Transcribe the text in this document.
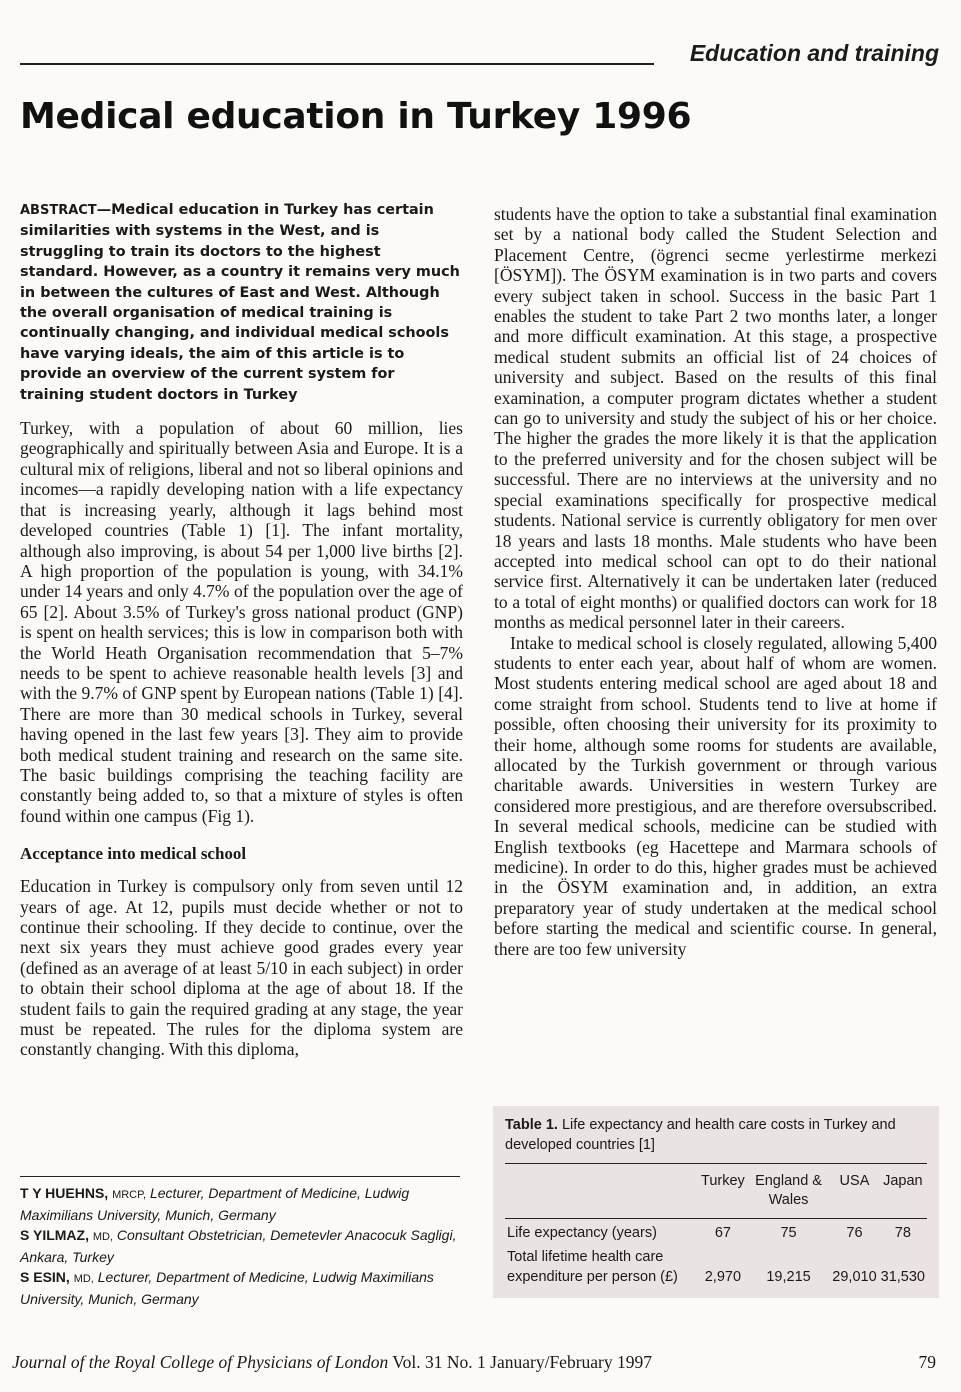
Education and training
Medical education in Turkey 1996

ABSTRACT—Medical education in Turkey has certain similarities with systems in the West, and is struggling to train its doctors to the highest standard. However, as a country it remains very much in between the cultures of East and West. Although the overall organisation of medical training is continually changing, and individual medical schools have varying ideals, the aim of this article is to provide an overview of the current system for training student doctors in Turkey

Turkey, with a population of about 60 million, lies geographically and spiritually between Asia and Europe. It is a cultural mix of religions, liberal and not so liberal opinions and incomes—a rapidly developing nation with a life expectancy that is increasing yearly, although it lags behind most developed countries (Table 1) [1]. The infant mortality, although also improving, is about 54 per 1,000 live births [2]. A high proportion of the population is young, with 34.1% under 14 years and only 4.7% of the population over the age of 65 [2]. About 3.5% of Turkey's gross national product (GNP) is spent on health services; this is low in comparison both with the World Heath Organisation recommendation that 5–7% needs to be spent to achieve reasonable health levels [3] and with the 9.7% of GNP spent by European nations (Table 1) [4]. There are more than 30 medical schools in Turkey, several having opened in the last few years [3]. They aim to provide both medical student training and research on the same site. The basic buildings comprising the teaching facility are constantly being added to, so that a mixture of styles is often found within one campus (Fig 1).

Acceptance into medical school

Education in Turkey is compulsory only from seven until 12 years of age. At 12, pupils must decide whether or not to continue their schooling. If they decide to continue, over the next six years they must achieve good grades every year (defined as an average of at least 5/10 in each subject) in order to obtain their school diploma at the age of about 18. If the student fails to gain the required grading at any stage, the year must be repeated. The rules for the diploma system are constantly changing. With this diploma,

students have the option to take a substantial final examination set by a national body called the Student Selection and Placement Centre, (ögrenci secme yerlestirme merkezi [ÖSYM]). The ÖSYM examination is in two parts and covers every subject taken in school. Success in the basic Part 1 enables the student to take Part 2 two months later, a longer and more difficult examination. At this stage, a prospective medical student submits an official list of 24 choices of university and subject. Based on the results of this final examination, a computer program dictates whether a student can go to university and study the subject of his or her choice. The higher the grades the more likely it is that the application to the preferred university and for the chosen subject will be successful. There are no interviews at the university and no special examinations specifically for prospective medical students. National service is currently obligatory for men over 18 years and lasts 18 months. Male students who have been accepted into medical school can opt to do their national service first. Alternatively it can be undertaken later (reduced to a total of eight months) or qualified doctors can work for 18 months as medical personnel later in their careers.

Intake to medical school is closely regulated, allowing 5,400 students to enter each year, about half of whom are women. Most students entering medical school are aged about 18 and come straight from school. Students tend to live at home if possible, often choosing their university for its proximity to their home, although some rooms for students are available, allocated by the Turkish government or through various charitable awards. Universities in western Turkey are considered more prestigious, and are therefore oversubscribed. In several medical schools, medicine can be studied with English textbooks (eg Hacettepe and Marmara schools of medicine). In order to do this, higher grades must be achieved in the ÖSYM examination and, in addition, an extra preparatory year of study undertaken at the medical school before starting the medical and scientific course. In general, there are too few university

T Y HUEHNS, MRCP, Lecturer, Department of Medicine, Ludwig Maximilians University, Munich, Germany

S YILMAZ, MD, Consultant Obstetrician, Demetevler Anacocuk Sagligi, Ankara, Turkey

S ESIN, MD, Lecturer, Department of Medicine, Ludwig Maximilians University, Munich, Germany

Table 1. Life expectancy and health care costs in Turkey and developed countries [1]

	Turkey	England & Wales	USA	Japan
Life expectancy (years)	67	75	76	78
Total lifetime health care expenditure per person (£)	2,970	19,215	29,010	31,530
Journal of the Royal College of Physicians of London Vol. 31 No. 1 January/February 1997	79
